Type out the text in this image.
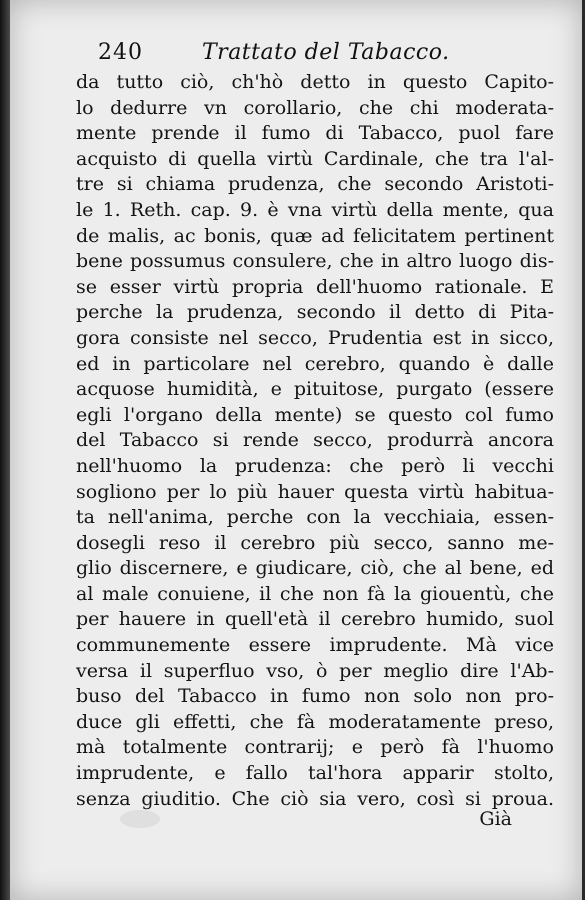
240	Trattato del Tabacco.
da tutto ciò, ch'hò detto in questo Capito-
lo dedurre vn corollario, che chi moderata-
mente prende il fumo di Tabacco, puol fare
acquisto di quella virtù Cardinale, che tra l'al-
tre si chiama prudenza, che secondo Aristoti-
le 1. Reth. cap. 9. è vna virtù della mente, qua
de malis, ac bonis, quæ ad felicitatem pertinent
bene possumus consulere, che in altro luogo dis-
se esser virtù propria dell'huomo rationale. E
perche la prudenza, secondo il detto di Pita-
gora consiste nel secco, Prudentia est in sicco,
ed in particolare nel cerebro, quando è dalle
acquose humidità, e pituitose, purgato (essere
egli l'organo della mente) se questo col fumo
del Tabacco si rende secco, produrrà ancora
nell'huomo la prudenza: che però li vecchi
sogliono per lo più hauer questa virtù habitua-
ta nell'anima, perche con la vecchiaia, essen-
dosegli reso il cerebro più secco, sanno me-
glio discernere, e giudicare, ciò, che al bene, ed
al male conuiene, il che non fà la giouentù, che
per hauere in quell'età il cerebro humido, suol
communemente essere imprudente. Mà vice
versa il superfluo vso, ò per meglio dire l'Ab-
buso del Tabacco in fumo non solo non pro-
duce gli effetti, che fà moderatamente preso,
mà totalmente contrarij; e però fà l'huomo
imprudente, e fallo tal'hora apparir stolto,
senza giuditio. Che ciò sia vero, così si proua.
Già
